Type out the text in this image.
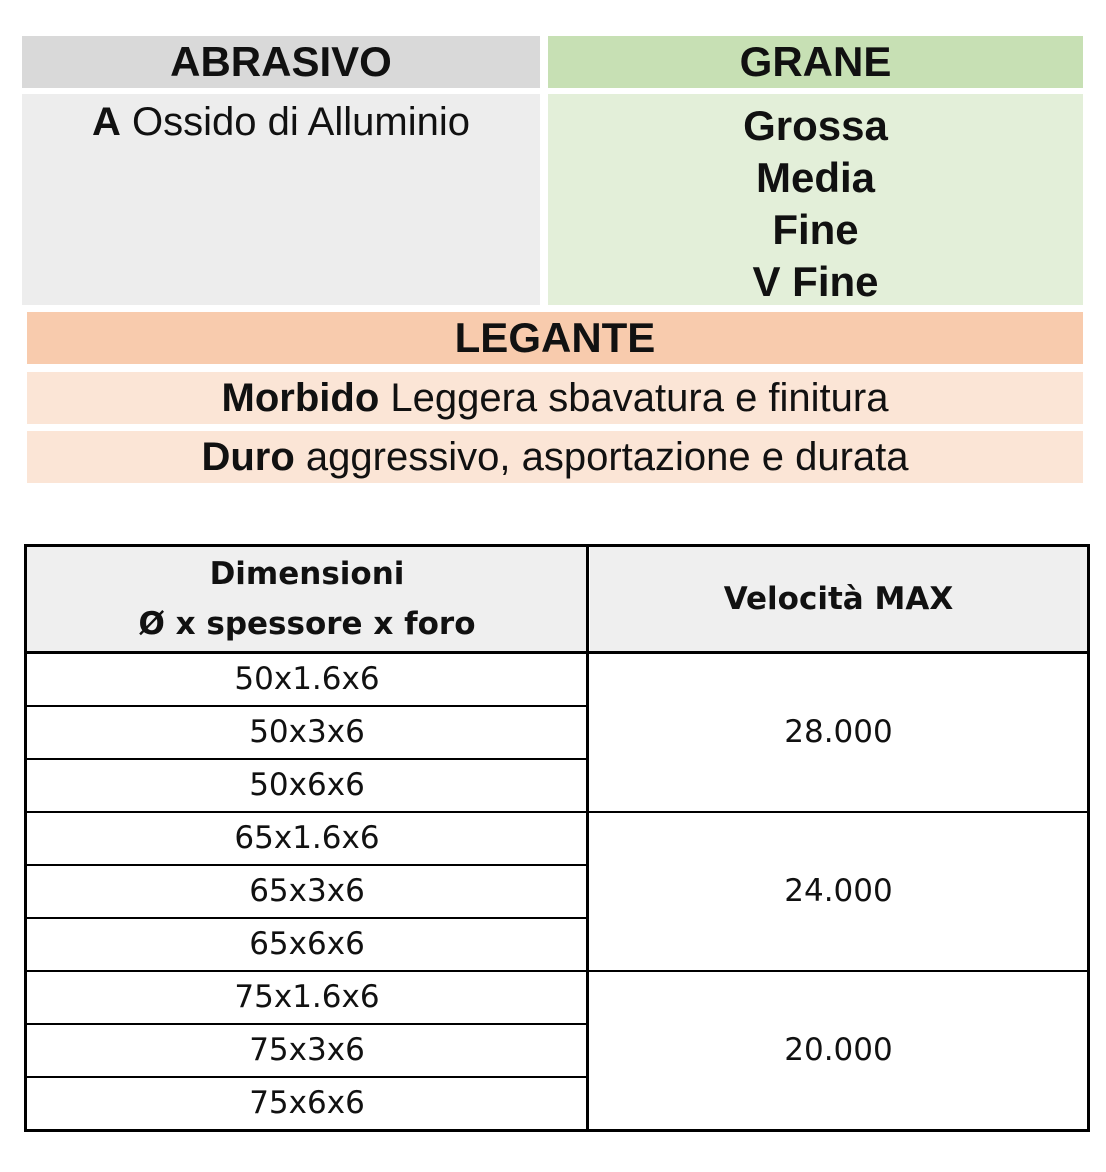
ABRASIVO
A Ossido di Alluminio
GRANE
Grossa
Media
Fine
V Fine
LEGANTE
Morbido Leggera sbavatura e finitura
Duro aggressivo, asportazione e durata
Dimensioni
Ø x spessore x foro
Velocità MAX
50x1.6x6
50x3x6
50x6x6
28.000
65x1.6x6
65x3x6
65x6x6
24.000
75x1.6x6
75x3x6
75x6x6
20.000
